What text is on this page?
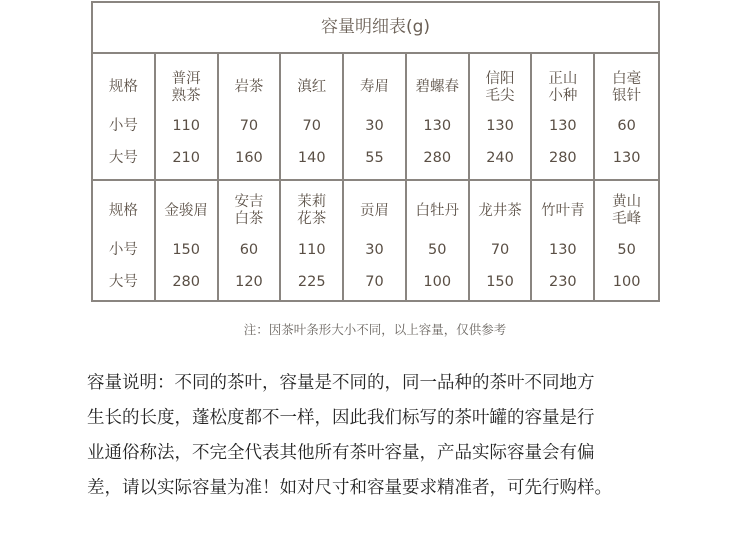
容量明细表(g)
规格
小号
大号
普洱
熟茶
110
210
岩茶
70
160
滇红
70
140
寿眉
30
55
碧螺春
130
280
信阳
毛尖
130
240
正山
小种
130
280
白毫
银针
60
130
规格
小号
大号
金骏眉
150
280
安吉
白茶
60
120
茉莉
花茶
110
225
贡眉
30
70
白牡丹
50
100
龙井茶
70
150
竹叶青
130
230
黄山
毛峰
50
100
注：因茶叶条形大小不同，以上容量，仅供参考
容量说明：不同的茶叶，容量是不同的，同一品种的茶叶不同地方
生长的长度，蓬松度都不一样，因此我们标写的茶叶罐的容量是行
业通俗称法，不完全代表其他所有茶叶容量，产品实际容量会有偏
差，请以实际容量为准！如对尺寸和容量要求精准者，可先行购样。
